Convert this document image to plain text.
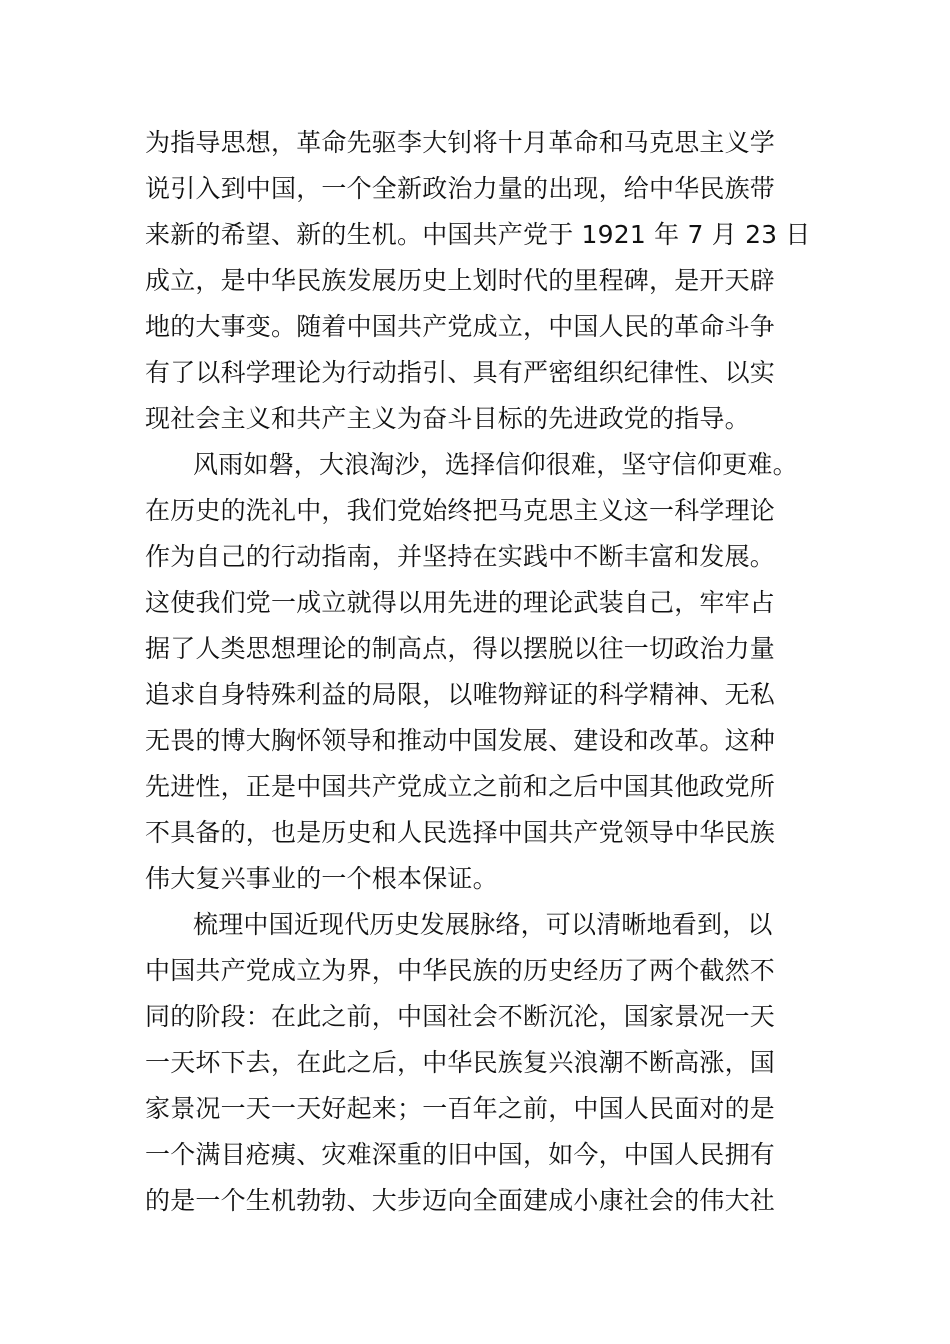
为指导思想，革命先驱李大钊将十月革命和马克思主义学
说引入到中国，一个全新政治力量的出现，给中华民族带
来新的希望、新的生机。中国共产党于 1921 年 7 月 23 日
成立，是中华民族发展历史上划时代的里程碑，是开天辟
地的大事变。随着中国共产党成立，中国人民的革命斗争
有了以科学理论为行动指引、具有严密组织纪律性、以实
现社会主义和共产主义为奋斗目标的先进政党的指导。
风雨如磐，大浪淘沙，选择信仰很难，坚守信仰更难。
在历史的洗礼中，我们党始终把马克思主义这一科学理论
作为自己的行动指南，并坚持在实践中不断丰富和发展。
这使我们党一成立就得以用先进的理论武装自己，牢牢占
据了人类思想理论的制高点，得以摆脱以往一切政治力量
追求自身特殊利益的局限，以唯物辩证的科学精神、无私
无畏的博大胸怀领导和推动中国发展、建设和改革。这种
先进性，正是中国共产党成立之前和之后中国其他政党所
不具备的，也是历史和人民选择中国共产党领导中华民族
伟大复兴事业的一个根本保证。
梳理中国近现代历史发展脉络，可以清晰地看到，以
中国共产党成立为界，中华民族的历史经历了两个截然不
同的阶段：在此之前，中国社会不断沉沦，国家景况一天
一天坏下去，在此之后，中华民族复兴浪潮不断高涨，国
家景况一天一天好起来；一百年之前，中国人民面对的是
一个满目疮痍、灾难深重的旧中国，如今，中国人民拥有
的是一个生机勃勃、大步迈向全面建成小康社会的伟大社
